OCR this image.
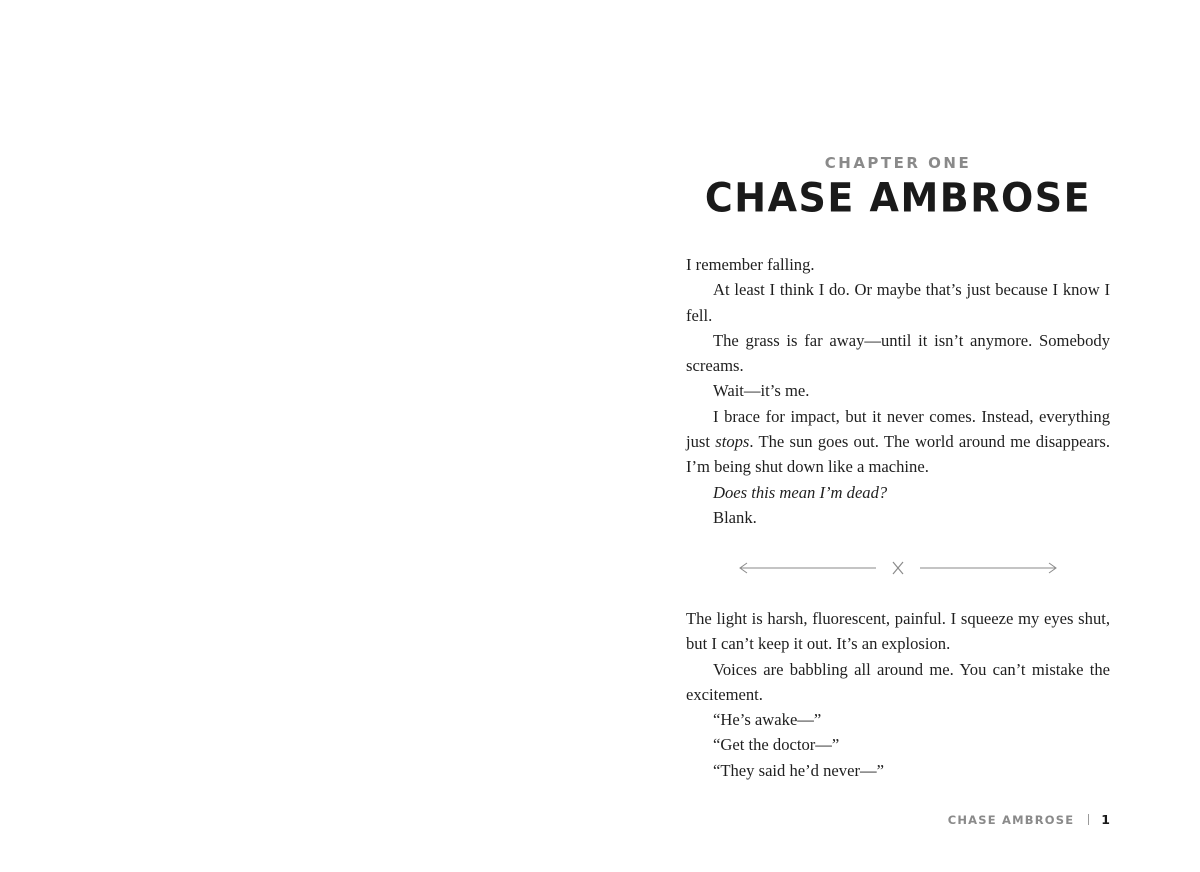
CHAPTER ONE
CHASE AMBROSE

I remember falling.

At least I think I do. Or maybe that’s just because I know I fell.

The grass is far away—until it isn’t anymore. Somebody screams.

Wait—it’s me.

I brace for impact, but it never comes. Instead, everything just stops. The sun goes out. The world around me disappears. I’m being shut down like a machine.

Does this mean I’m dead?

Blank.

The light is harsh, fluorescent, painful. I squeeze my eyes shut, but I can’t keep it out. It’s an explosion.

Voices are babbling all around me. You can’t mistake the excitement.

“He’s awake—”

“Get the doctor—”

“They said he’d never—”

CHASE AMBROSE 1
